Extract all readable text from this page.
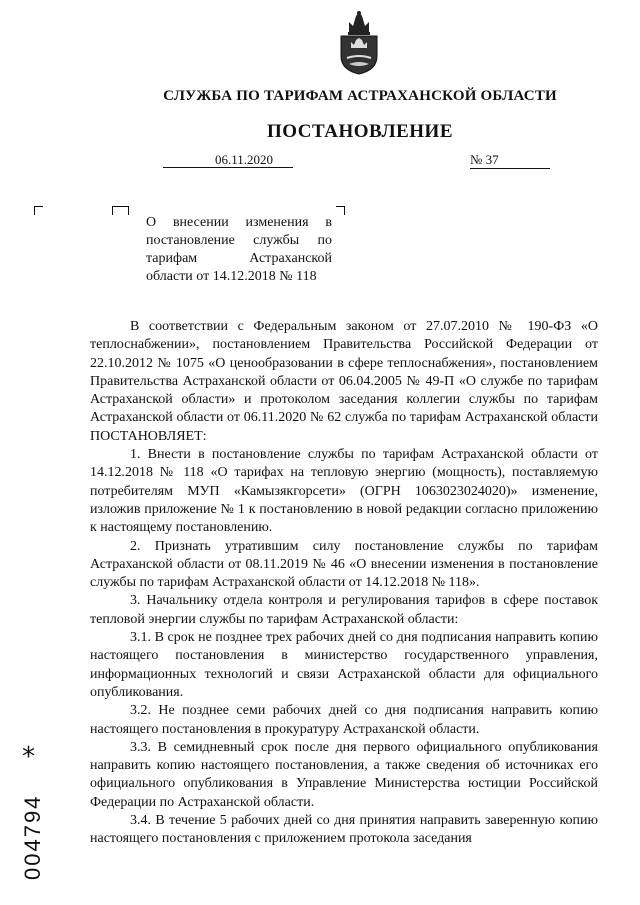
СЛУЖБА ПО ТАРИФАМ АСТРАХАНСКОЙ ОБЛАСТИ
ПОСТАНОВЛЕНИЕ
06.11.2020	№ 37
О внесении изменения в постановление службы по тарифам Астраханской области от 14.12.2018 № 118

В соответствии с Федеральным законом от 27.07.2010 № 190-ФЗ «О теплоснабжении», постановлением Правительства Российской Федерации от 22.10.2012 № 1075 «О ценообразовании в сфере теплоснабжения», постановлением Правительства Астраханской области от 06.04.2005 № 49-П «О службе по тарифам Астраханской области» и протоколом заседания коллегии службы по тарифам Астраханской области от 06.11.2020 № 62 служба по тарифам Астраханской области ПОСТАНОВЛЯЕТ:

1. Внести в постановление службы по тарифам Астраханской области от 14.12.2018 № 118 «О тарифах на тепловую энергию (мощность), поставляемую потребителям МУП «Камызякгорсети» (ОГРН 1063023024020)» изменение, изложив приложение № 1 к постановлению в новой редакции согласно приложению к настоящему постановлению.

2. Признать утратившим силу постановление службы по тарифам Астраханской области от 08.11.2019 № 46 «О внесении изменения в постановление службы по тарифам Астраханской области от 14.12.2018 № 118».

3. Начальнику отдела контроля и регулирования тарифов в сфере поставок тепловой энергии службы по тарифам Астраханской области:

3.1. В срок не позднее трех рабочих дней со дня подписания направить копию настоящего постановления в министерство государственного управления, информационных технологий и связи Астраханской области для официального опубликования.

3.2. Не позднее семи рабочих дней со дня подписания направить копию настоящего постановления в прокуратуру Астраханской области.

3.3. В семидневный срок после дня первого официального опубликования направить копию настоящего постановления, а также сведения об источниках его официального опубликования в Управление Министерства юстиции Российской Федерации по Астраханской области.

3.4. В течение 5 рабочих дней со дня принятия направить заверенную копию настоящего постановления с приложением протокола заседания

*
004794
